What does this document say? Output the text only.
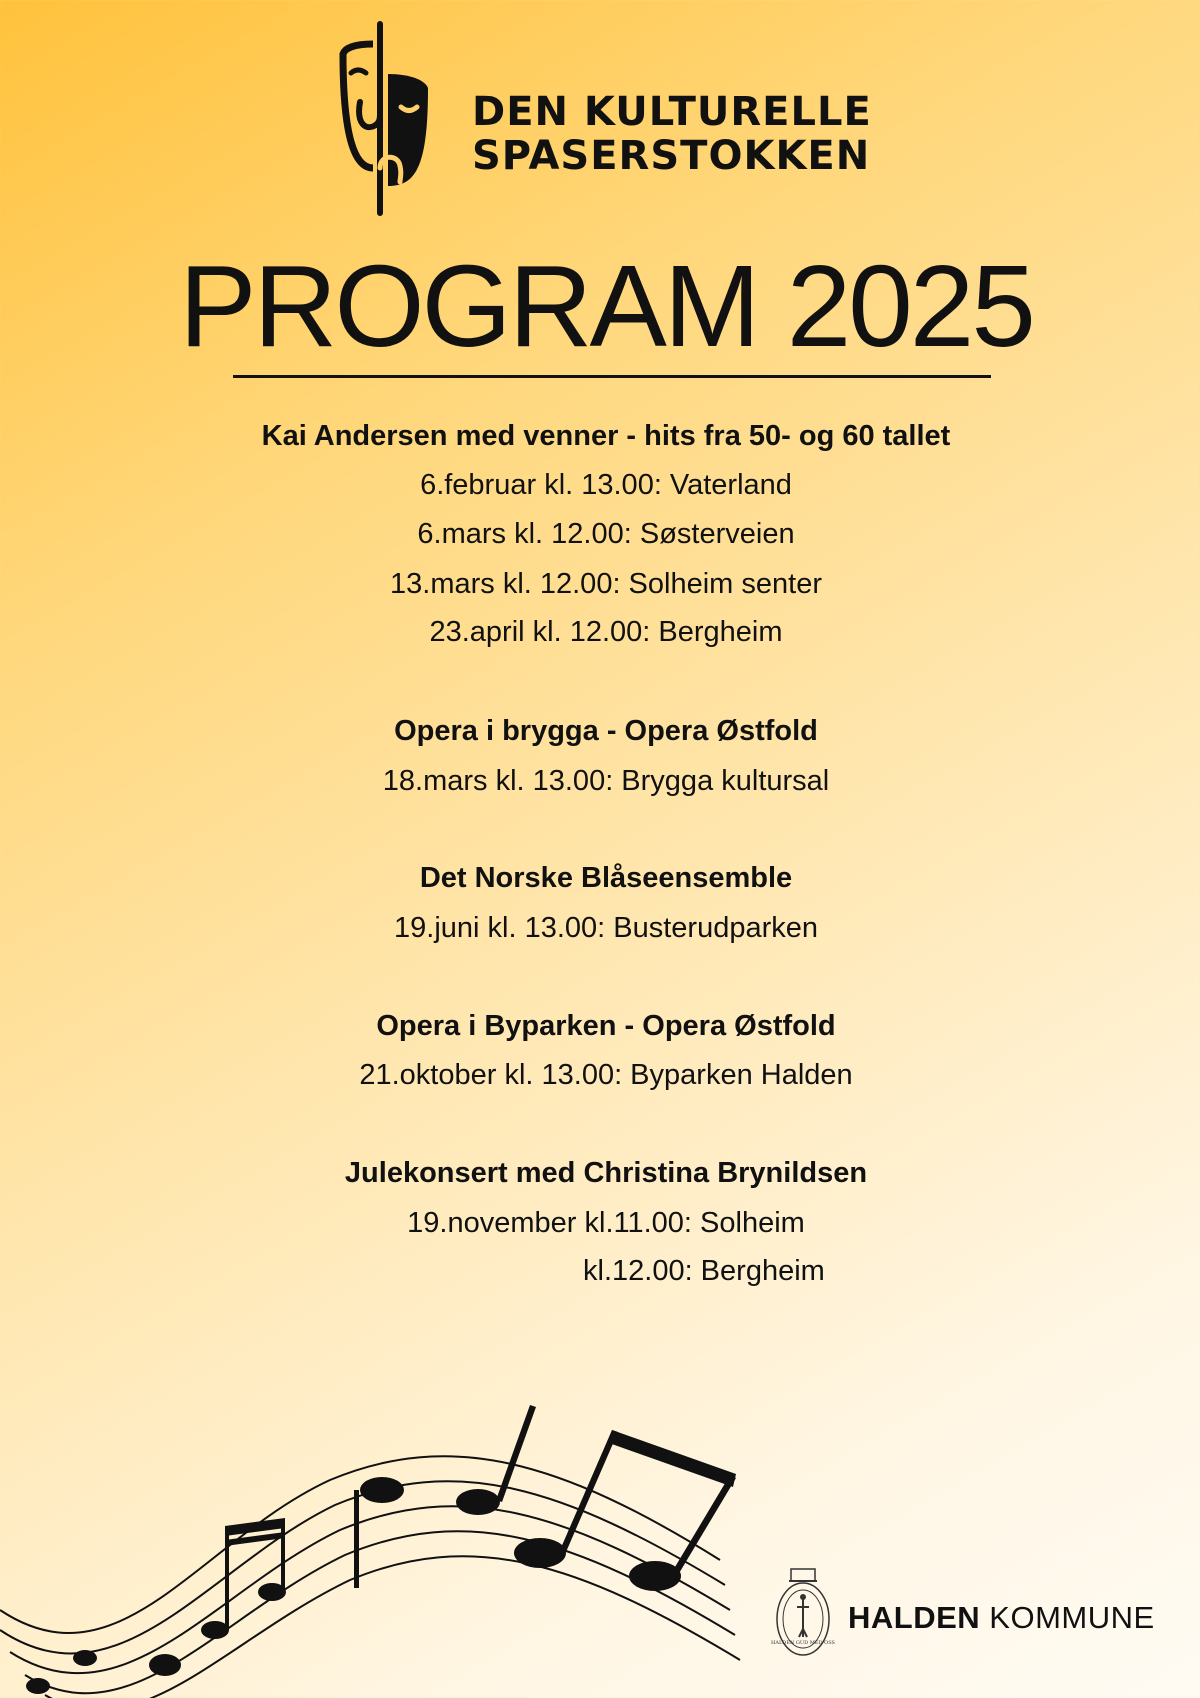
DEN KULTURELLE
SPASERSTOKKEN
PROGRAM 2025
Kai Andersen med venner - hits fra 50- og 60 tallet
6.februar kl. 13.00: Vaterland
6.mars kl. 12.00: Søsterveien
13.mars kl. 12.00: Solheim senter
23.april kl. 12.00: Bergheim
Opera i brygga - Opera Østfold
18.mars kl. 13.00: Brygga kultursal
Det Norske Blåseensemble
19.juni kl. 13.00: Busterudparken
Opera i Byparken - Opera Østfold
21.oktober kl. 13.00: Byparken Halden
Julekonsert med Christina Brynildsen
19.november kl.11.00: Solheim
kl.12.00: Bergheim
HALDEN GUD MED OSS
HALDEN KOMMUNE
